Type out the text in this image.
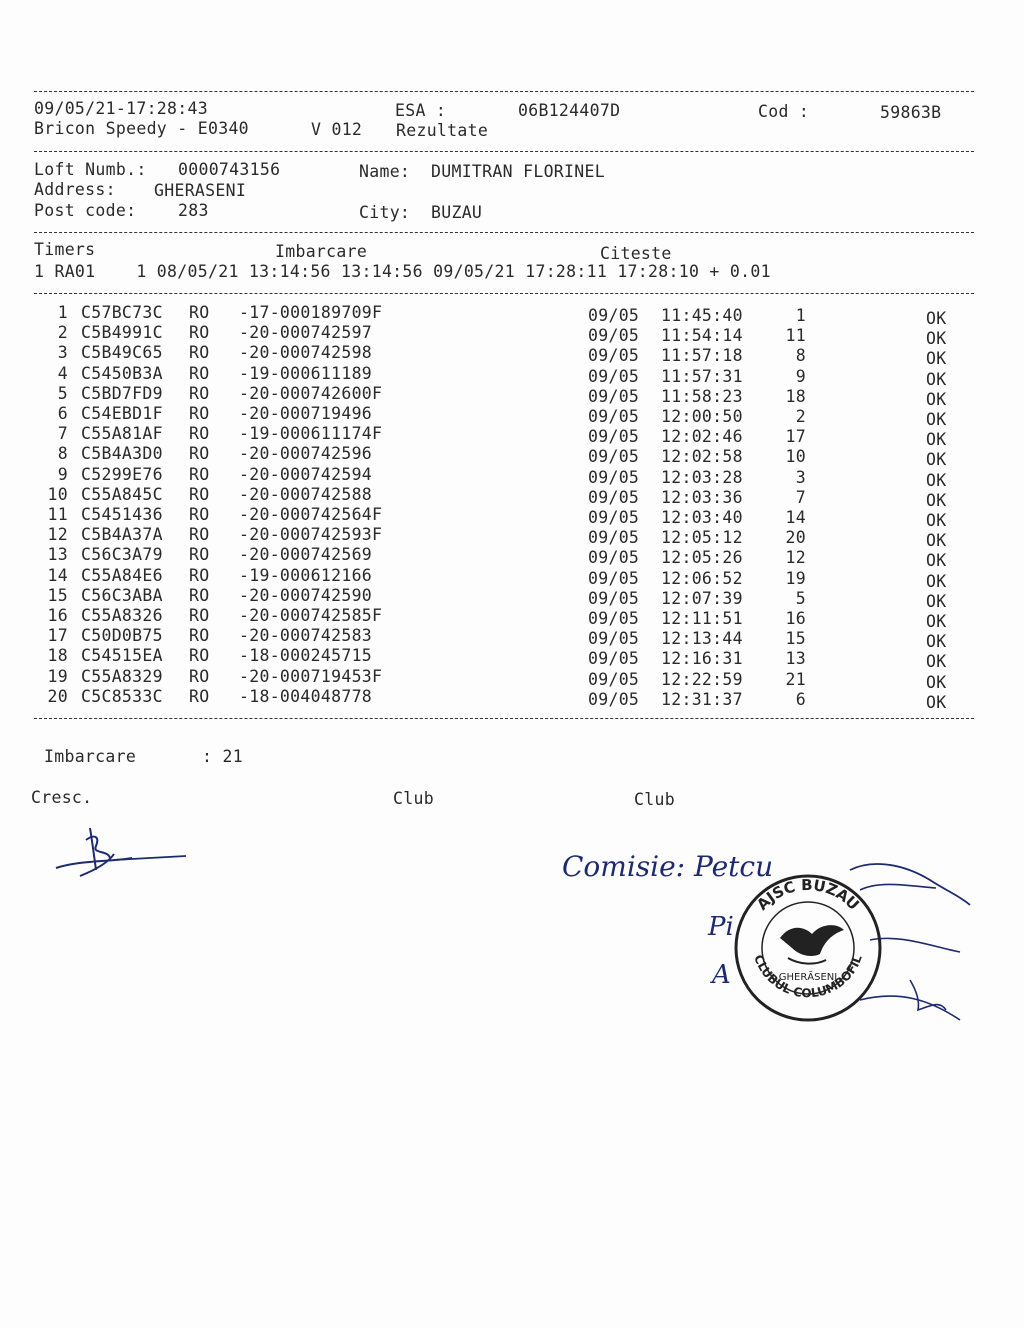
09/05/21-17:28:43	ESA :	06B124407D	Cod :	59863B
Bricon Speedy - E0340	V 012 Rezultate
Loft Numb.: 0000743156	Name: DUMITRAN FLORINEL
Address: GHERASENI
Post code:	283	City: BUZAU
Timers	Imbarcare	Citeste
1 RA01    1 08/05/21 13:14:56 13:14:56 09/05/21 17:28:11 17:28:10 + 0.01
1 C57BC73C RO -17-000189709F	09/05 11:45:40	1	OK
2 C5B4991C RO -20-000742597	09/05 11:54:14	11	OK
3 C5B49C65 RO -20-000742598	09/05 11:57:18	8	OK
4 C5450B3A RO -19-000611189	09/05 11:57:31	9	OK
5 C5BD7FD9 RO -20-000742600F	09/05 11:58:23	18	OK
6 C54EBD1F RO -20-000719496	09/05 12:00:50	2	OK
7 C55A81AF RO -19-000611174F	09/05 12:02:46	17	OK
8 C5B4A3D0 RO -20-000742596	09/05 12:02:58	10	OK
9 C5299E76 RO -20-000742594	09/05 12:03:28	3	OK
10 C55A845C RO -20-000742588	09/05 12:03:36	7	OK
11 C5451436 RO -20-000742564F	09/05 12:03:40	14	OK
12 C5B4A37A RO -20-000742593F	09/05 12:05:12	20	OK
13 C56C3A79 RO -20-000742569	09/05 12:05:26	12	OK
14 C55A84E6 RO -19-000612166	09/05 12:06:52	19	OK
15 C56C3ABA RO -20-000742590	09/05 12:07:39	5	OK
16 C55A8326 RO -20-000742585F	09/05 12:11:51	16	OK
17 C50D0B75 RO -20-000742583	09/05 12:13:44	15	OK
18 C54515EA RO -18-000245715	09/05 12:16:31	13	OK
19 C55A8329 RO -20-000719453F	09/05 12:22:59	21	OK
20 C5C8533C RO -18-004048778	09/05 12:31:37	6	OK
Imbarcare	: 21
Cresc.	Club	Club
Comisie: Petcu
Pi
A
AJSC BUZAU
CLUBUL COLUMBOFIL
GHERĂSENI
